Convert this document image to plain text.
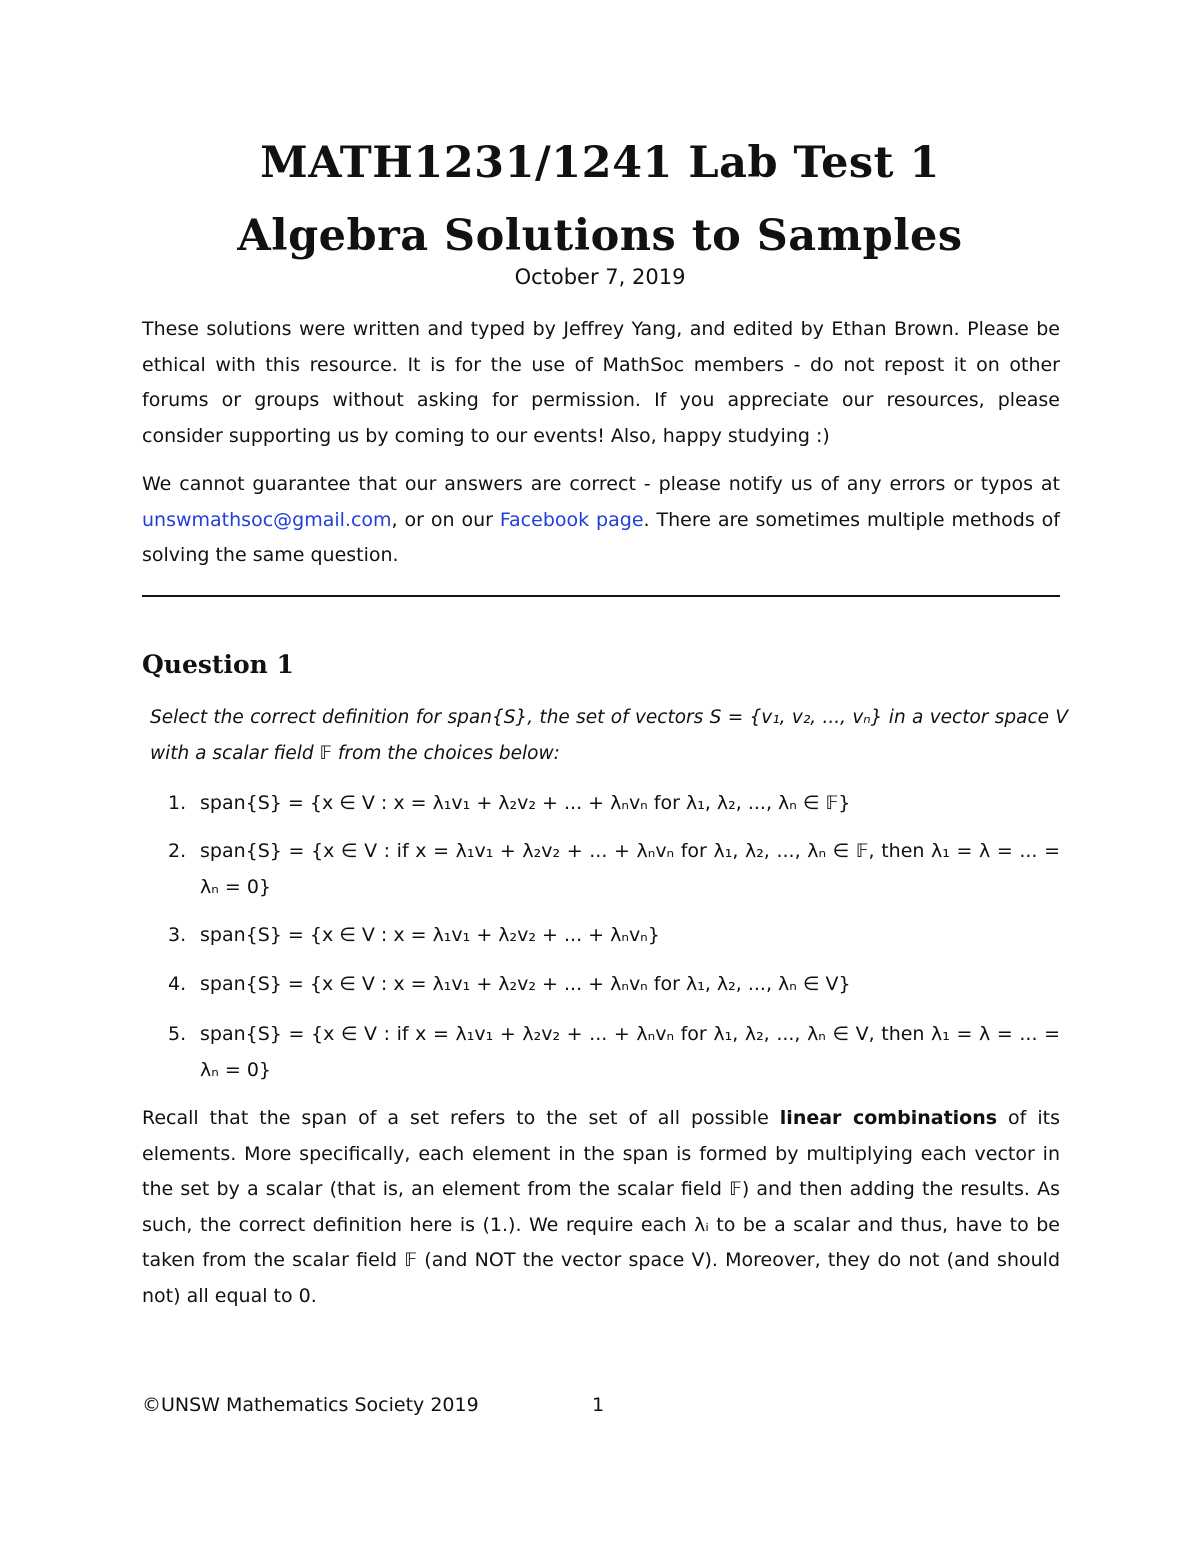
MATH1231/1241 Lab Test 1
Algebra Solutions to Samples
October 7, 2019

These solutions were written and typed by Jeffrey Yang, and edited by Ethan Brown. Please be ethical with this resource. It is for the use of MathSoc members - do not repost it on other forums or groups without asking for permission. If you appreciate our resources, please consider supporting us by coming to our events! Also, happy studying :)

We cannot guarantee that our answers are correct - please notify us of any errors or typos at unswmathsoc@gmail.com, or on our Facebook page. There are sometimes multiple methods of solving the same question.

Question 1

Select the correct definition for span{S}, the set of vectors S = {v₁, v₂, ..., vₙ} in a vector space V with a scalar field 𝔽 from the choices below:

1. span{S} = {x ∈ V : x = λ₁v₁ + λ₂v₂ + ... + λₙvₙ for λ₁, λ₂, ..., λₙ ∈ 𝔽}
2. span{S} = {x ∈ V : if x = λ₁v₁ + λ₂v₂ + ... + λₙvₙ for λ₁, λ₂, ..., λₙ ∈ 𝔽, then λ₁ = λ = ... = λₙ = 0}
3. span{S} = {x ∈ V : x = λ₁v₁ + λ₂v₂ + ... + λₙvₙ}
4. span{S} = {x ∈ V : x = λ₁v₁ + λ₂v₂ + ... + λₙvₙ for λ₁, λ₂, ..., λₙ ∈ V}
5. span{S} = {x ∈ V : if x = λ₁v₁ + λ₂v₂ + ... + λₙvₙ for λ₁, λ₂, ..., λₙ ∈ V, then λ₁ = λ = ... = λₙ = 0}

Recall that the span of a set refers to the set of all possible linear combinations of its elements. More specifically, each element in the span is formed by multiplying each vector in the set by a scalar (that is, an element from the scalar field 𝔽) and then adding the results. As such, the correct definition here is (1.). We require each λᵢ to be a scalar and thus, have to be taken from the scalar field 𝔽 (and NOT the vector space V). Moreover, they do not (and should not) all equal to 0.

©UNSW Mathematics Society 2019	1
